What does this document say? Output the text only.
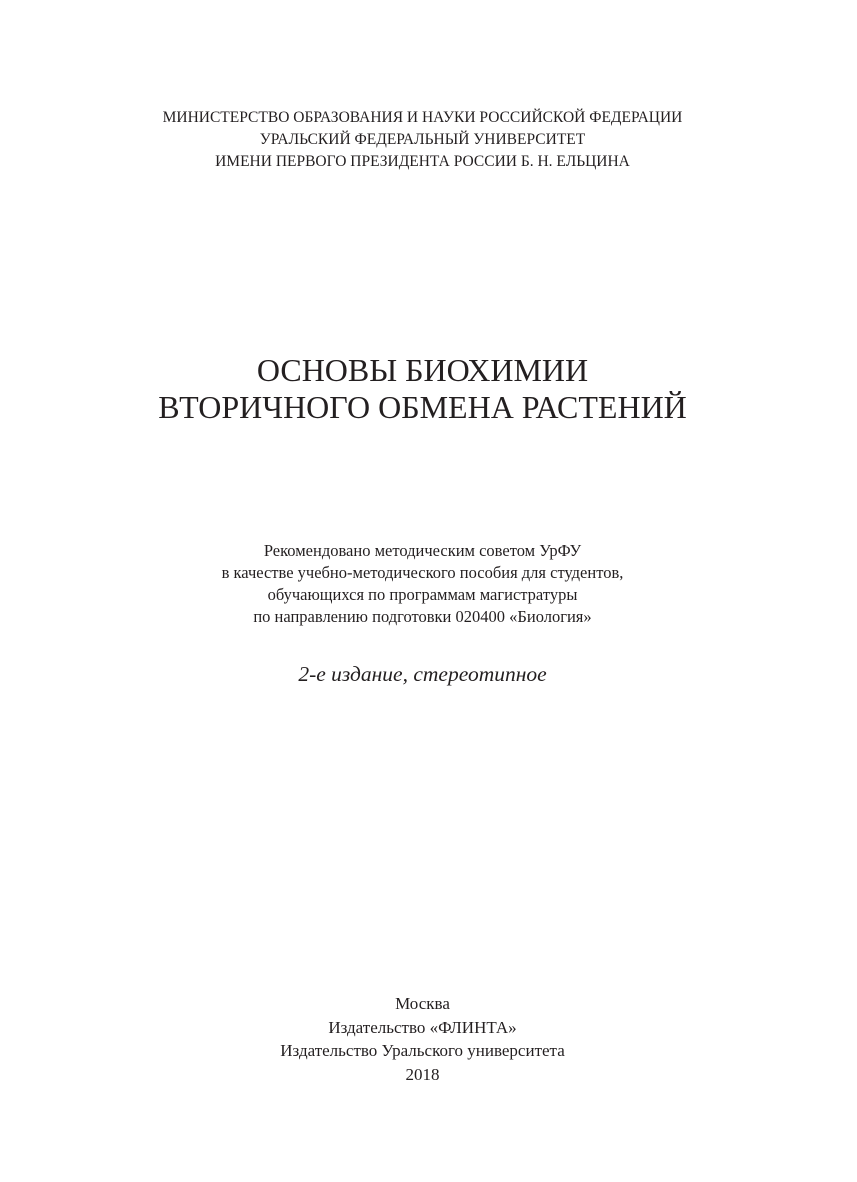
МИНИСТЕРСТВО ОБРАЗОВАНИЯ И НАУКИ РОССИЙСКОЙ ФЕДЕРАЦИИ
УРАЛЬСКИЙ ФЕДЕРАЛЬНЫЙ УНИВЕРСИТЕТ
ИМЕНИ ПЕРВОГО ПРЕЗИДЕНТА РОССИИ Б. Н. ЕЛЬЦИНА
ОСНОВЫ БИОХИМИИ
ВТОРИЧНОГО ОБМЕНА РАСТЕНИЙ
Рекомендовано методическим советом УрФУ
в качестве учебно-методического пособия для студентов,
обучающихся по программам магистратуры
по направлению подготовки 020400 «Биология»
2-е издание, стереотипное
Москва
Издательство «ФЛИНТА»
Издательство Уральского университета
2018
